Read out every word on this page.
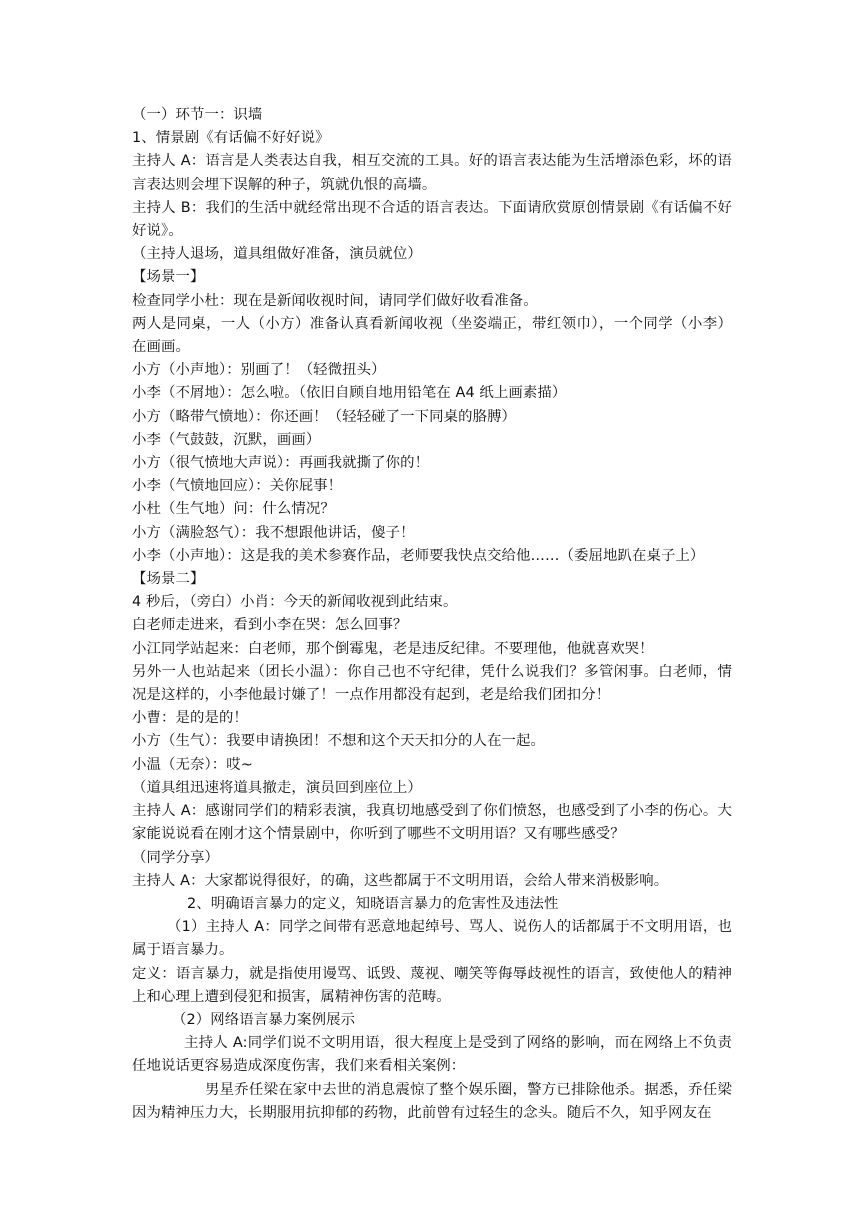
（一）环节一：识墙

1、情景剧《有话偏不好好说》

主持人 A：语言是人类表达自我，相互交流的工具。好的语言表达能为生活增添色彩，坏的语言表达则会埋下误解的种子，筑就仇恨的高墙。

主持人 B：我们的生活中就经常出现不合适的语言表达。下面请欣赏原创情景剧《有话偏不好好说》。

（主持人退场，道具组做好准备，演员就位）

【场景一】

检查同学小杜：现在是新闻收视时间，请同学们做好收看准备。

两人是同桌，一人（小方）准备认真看新闻收视（坐姿端正，带红领巾），一个同学（小李）在画画。

小方（小声地）：别画了！（轻微扭头）

小李（不屑地）：怎么啦。（依旧自顾自地用铅笔在 A4 纸上画素描）

小方（略带气愤地）：你还画！（轻轻碰了一下同桌的胳膊）

小李（气鼓鼓，沉默，画画）

小方（很气愤地大声说）：再画我就撕了你的！

小李（气愤地回应）：关你屁事！

小杜（生气地）问：什么情况？

小方（满脸怒气）：我不想跟他讲话，傻子！

小李（小声地）：这是我的美术参赛作品，老师要我快点交给他……（委屈地趴在桌子上）

【场景二】

4 秒后，（旁白）小肖：今天的新闻收视到此结束。

白老师走进来，看到小李在哭：怎么回事？

小江同学站起来：白老师，那个倒霉鬼，老是违反纪律。不要理他，他就喜欢哭！

另外一人也站起来（团长小温）：你自己也不守纪律，凭什么说我们？多管闲事。白老师，情况是这样的，小李他最讨嫌了！一点作用都没有起到，老是给我们团扣分！

小曹：是的是的！

小方（生气）：我要申请换团！不想和这个天天扣分的人在一起。

小温（无奈）：哎~

（道具组迅速将道具撤走，演员回到座位上）

主持人 A：感谢同学们的精彩表演，我真切地感受到了你们愤怒，也感受到了小李的伤心。大家能说说看在刚才这个情景剧中，你听到了哪些不文明用语？又有哪些感受？

（同学分享）

主持人 A：大家都说得很好，的确，这些都属于不文明用语，会给人带来消极影响。

2、明确语言暴力的定义，知晓语言暴力的危害性及违法性

（1）主持人 A：同学之间带有恶意地起绰号、骂人、说伤人的话都属于不文明用语，也属于语言暴力。

定义：语言暴力，就是指使用谩骂、诋毁、蔑视、嘲笑等侮辱歧视性的语言，致使他人的精神上和心理上遭到侵犯和损害，属精神伤害的范畴。

（2）网络语言暴力案例展示

主持人 A:同学们说不文明用语，很大程度上是受到了网络的影响，而在网络上不负责任地说话更容易造成深度伤害，我们来看相关案例：

男星乔任梁在家中去世的消息震惊了整个娱乐圈，警方已排除他杀。据悉，乔任梁因为精神压力大，长期服用抗抑郁的药物，此前曾有过轻生的念头。随后不久，知乎网友在
